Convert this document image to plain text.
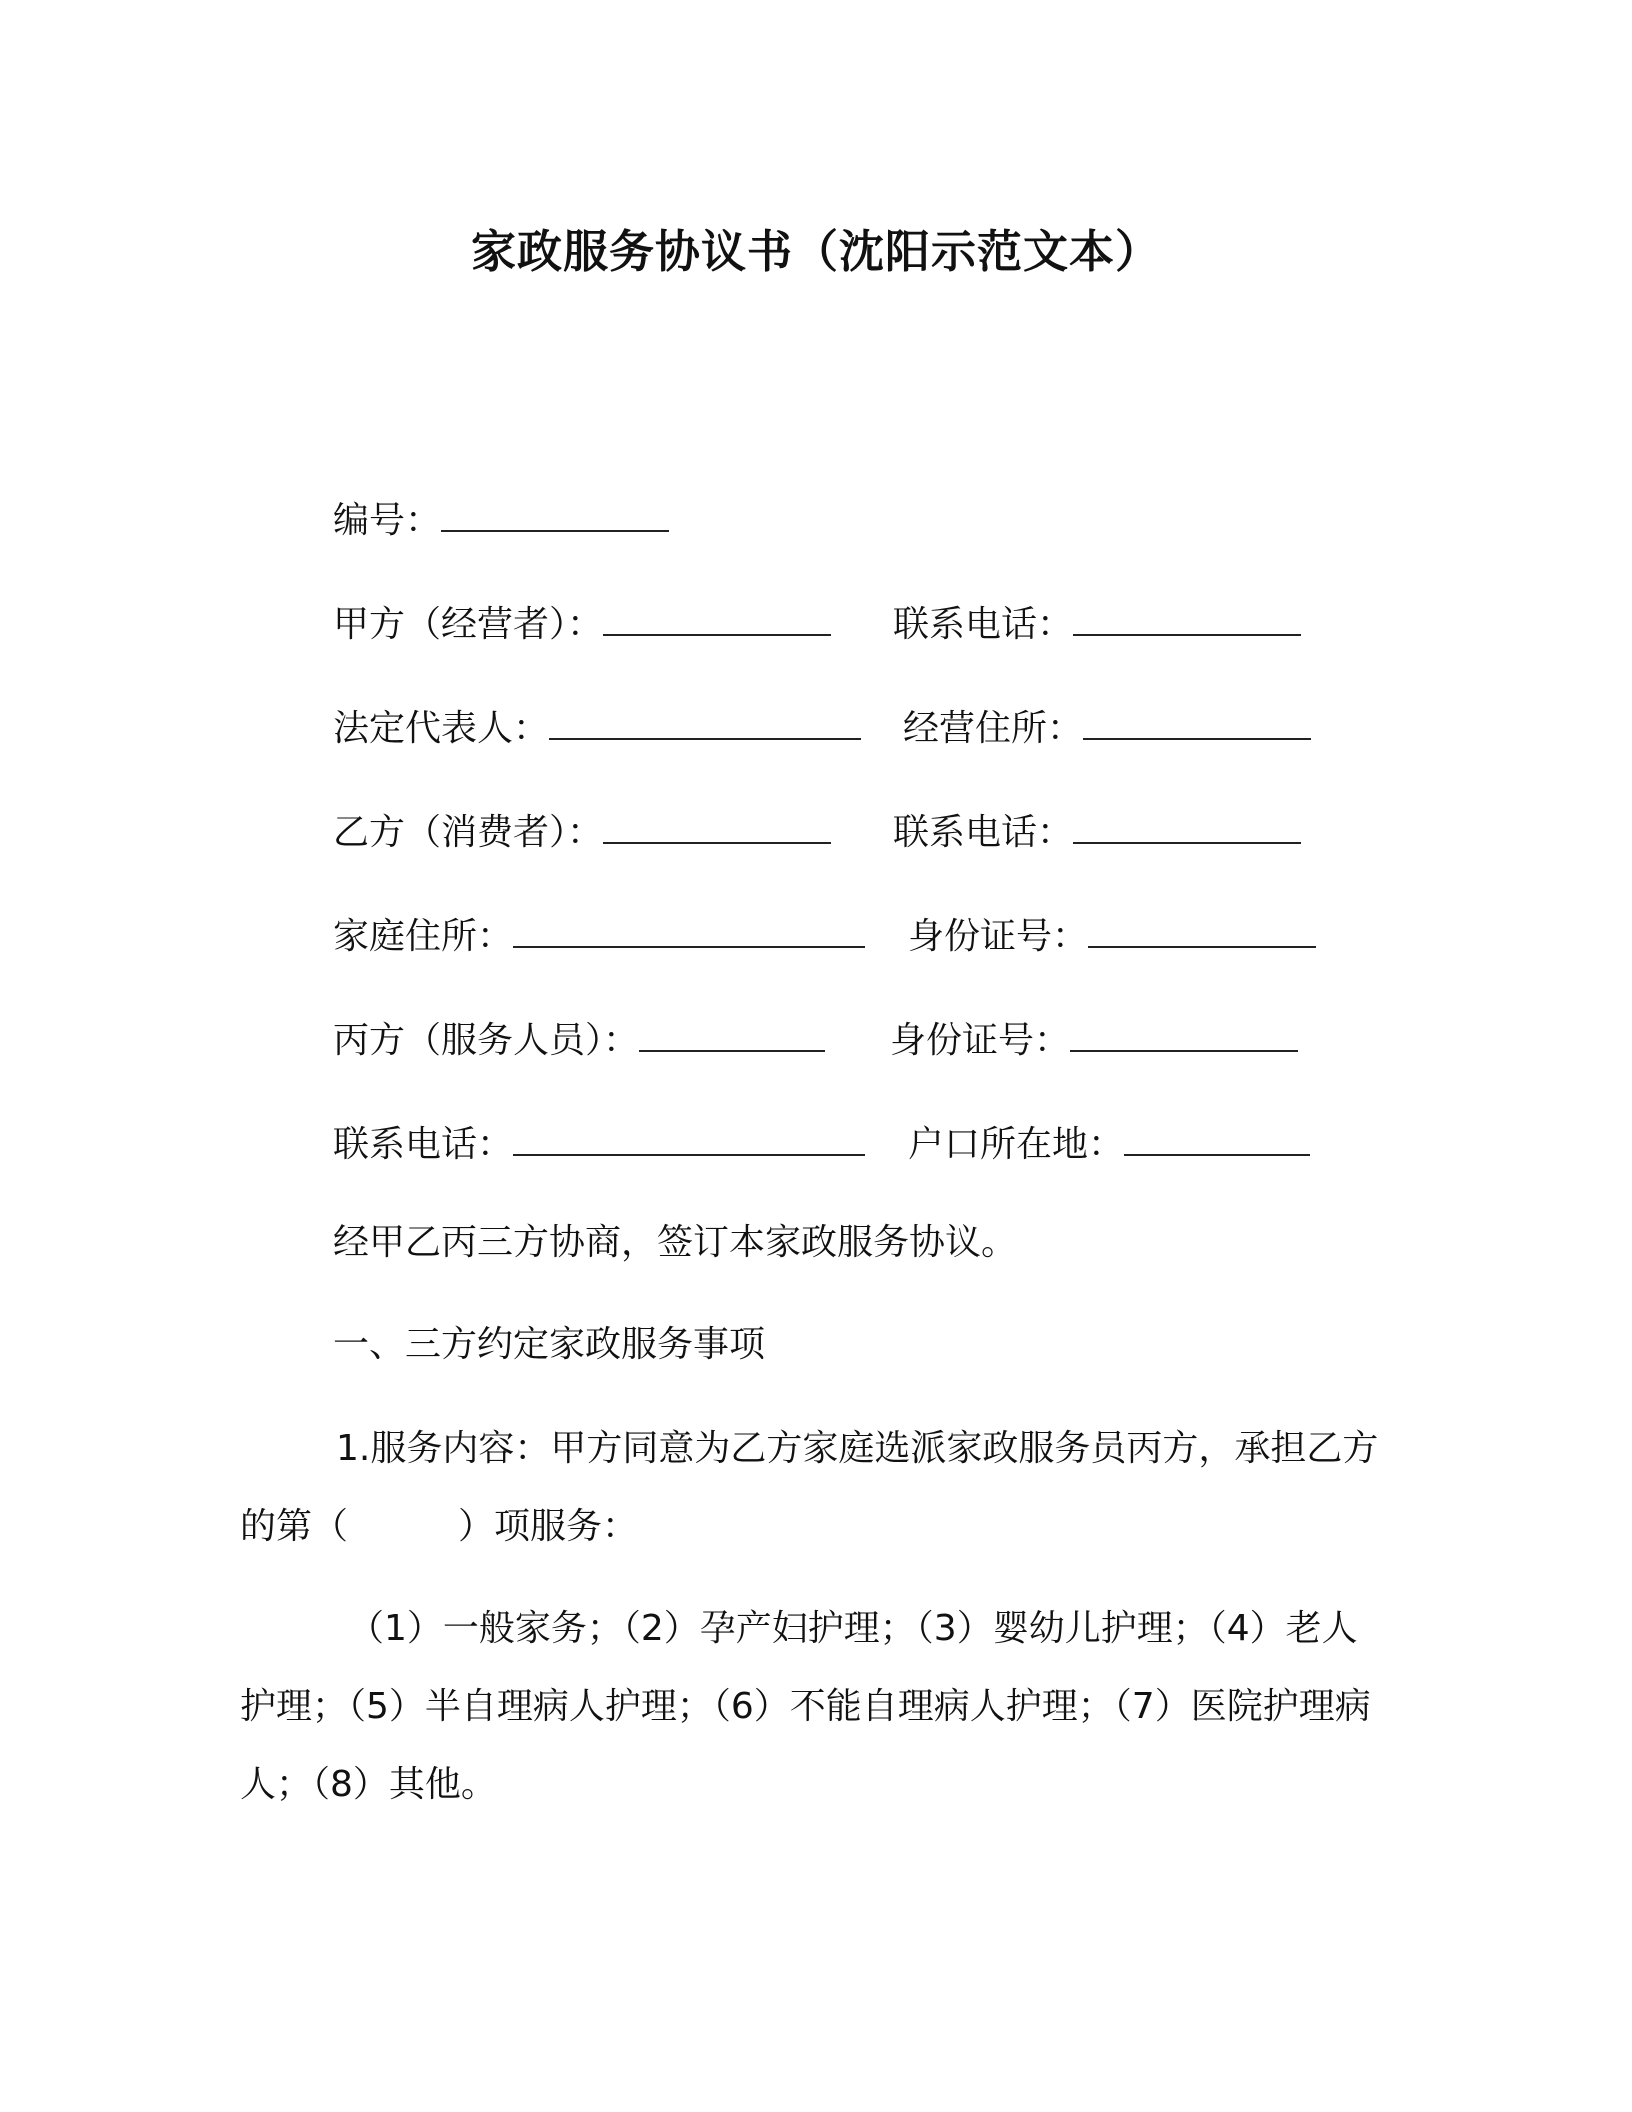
家政服务协议书（沈阳示范文本）
编号：
甲方（经营者）：	联系电话：
法定代表人：	经营住所：
乙方（消费者）：	联系电话：
家庭住所：	身份证号：
丙方（服务人员）：	身份证号：
联系电话：	户口所在地：
经甲乙丙三方协商，签订本家政服务协议。
一、三方约定家政服务事项
1.服务内容：甲方同意为乙方家庭选派家政服务员丙方，承担乙方的第（	）项服务：
（1）一般家务；（2）孕产妇护理；（3）婴幼儿护理；（4）老人护理；（5）半自理病人护理；（6）不能自理病人护理；（7）医院护理病人；（8）其他。
